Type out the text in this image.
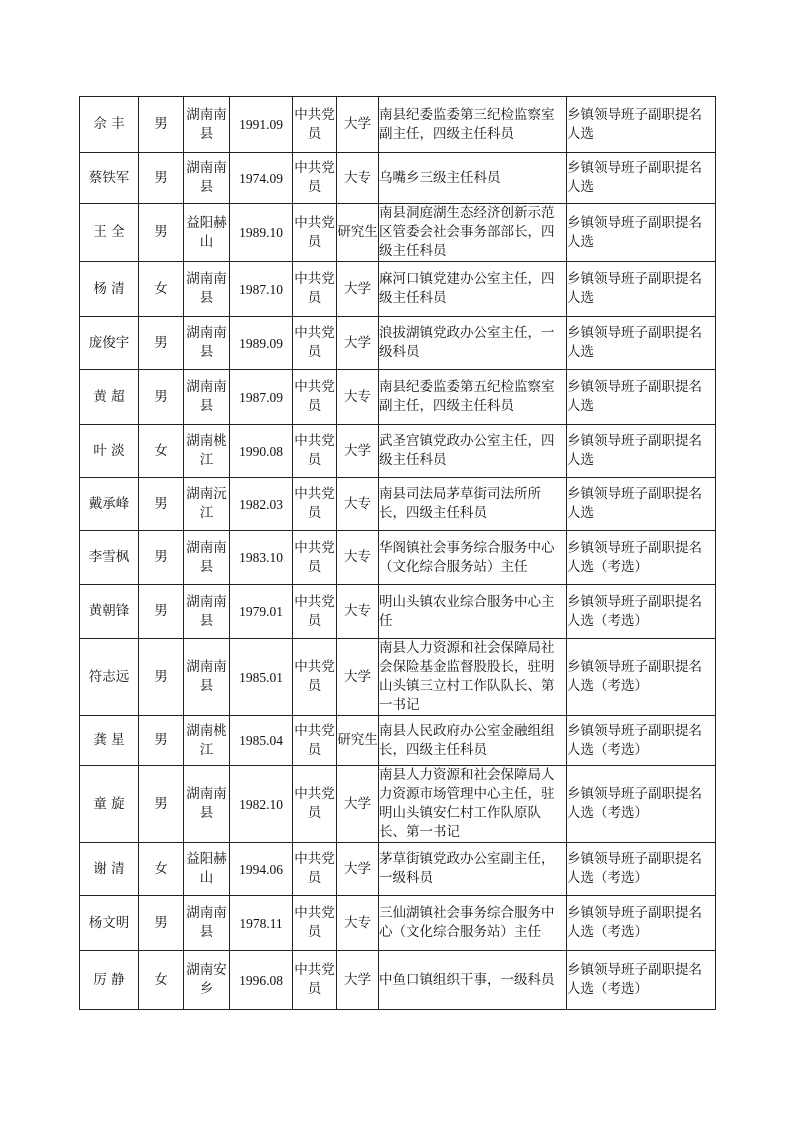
佘 丰	男	湖南南县	1991.09	中共党员	大学	南县纪委监委第三纪检监察室副主任，四级主任科员	乡镇领导班子副职提名人选
蔡铁军	男	湖南南县	1974.09	中共党员	大专	乌嘴乡三级主任科员	乡镇领导班子副职提名人选
王 全	男	益阳赫山	1989.10	中共党员	研究生	南县洞庭湖生态经济创新示范区管委会社会事务部部长，四级主任科员	乡镇领导班子副职提名人选
杨 清	女	湖南南县	1987.10	中共党员	大学	麻河口镇党建办公室主任，四级主任科员	乡镇领导班子副职提名人选
庞俊宇	男	湖南南县	1989.09	中共党员	大学	浪拔湖镇党政办公室主任，一级科员	乡镇领导班子副职提名人选
黄 超	男	湖南南县	1987.09	中共党员	大专	南县纪委监委第五纪检监察室副主任，四级主任科员	乡镇领导班子副职提名人选
叶 淡	女	湖南桃江	1990.08	中共党员	大学	武圣宫镇党政办公室主任，四级主任科员	乡镇领导班子副职提名人选
戴承峰	男	湖南沅江	1982.03	中共党员	大专	南县司法局茅草街司法所所长，四级主任科员	乡镇领导班子副职提名人选
李雪枫	男	湖南南县	1983.10	中共党员	大专	华阁镇社会事务综合服务中心（文化综合服务站）主任	乡镇领导班子副职提名人选（考选）
黄朝锋	男	湖南南县	1979.01	中共党员	大专	明山头镇农业综合服务中心主任	乡镇领导班子副职提名人选（考选）
符志远	男	湖南南县	1985.01	中共党员	大学	南县人力资源和社会保障局社会保险基金监督股股长，驻明山头镇三立村工作队队长、第一书记	乡镇领导班子副职提名人选（考选）
龚 星	男	湖南桃江	1985.04	中共党员	研究生	南县人民政府办公室金融组组长，四级主任科员	乡镇领导班子副职提名人选（考选）
童 旋	男	湖南南县	1982.10	中共党员	大学	南县人力资源和社会保障局人力资源市场管理中心主任，驻明山头镇安仁村工作队原队长、第一书记	乡镇领导班子副职提名人选（考选）
谢 清	女	益阳赫山	1994.06	中共党员	大学	茅草街镇党政办公室副主任，一级科员	乡镇领导班子副职提名人选（考选）
杨文明	男	湖南南县	1978.11	中共党员	大专	三仙湖镇社会事务综合服务中心（文化综合服务站）主任	乡镇领导班子副职提名人选（考选）
厉 静	女	湖南安乡	1996.08	中共党员	大学	中鱼口镇组织干事，一级科员	乡镇领导班子副职提名人选（考选）
